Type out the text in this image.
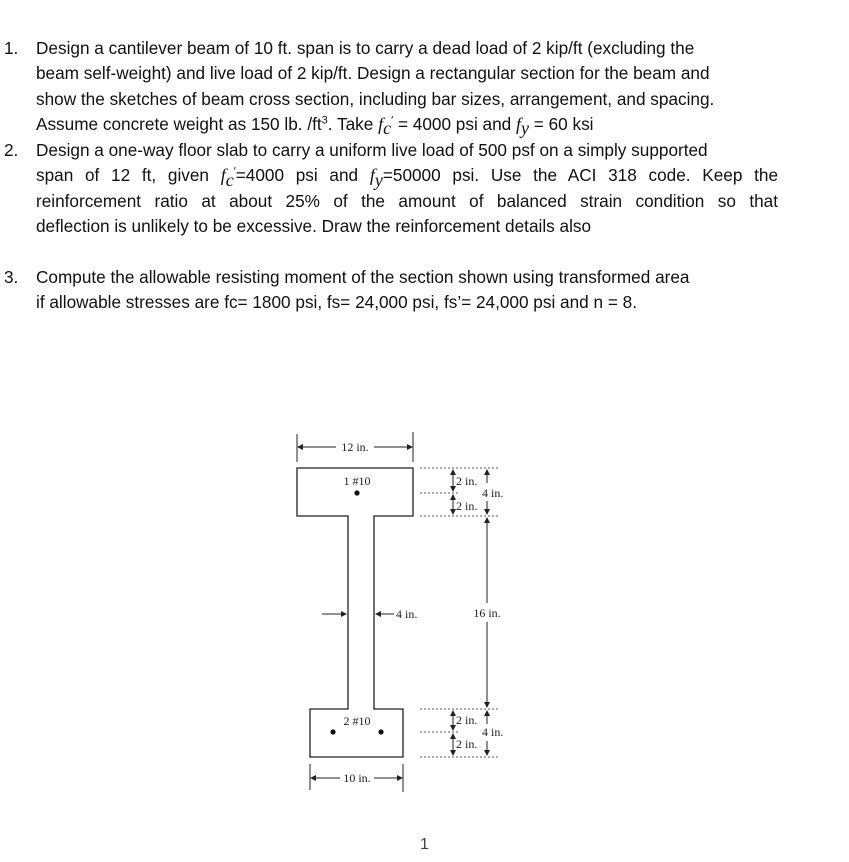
1.	Design a cantilever beam of 10 ft. span is to carry a dead load of 2 kip/ft (excluding the
beam self-weight) and live load of 2 kip/ft. Design a rectangular section for the beam and
show the sketches of beam cross section, including bar sizes, arrangement, and spacing.
Assume concrete weight as 150 lb. $/ft^3$. Take $f_c' = 4000$ psi and $f_y = 60$ ksi
2.	Design a one-way floor slab to carry a uniform live load of 500 psf on a simply supported
span of 12 ft, given $f_c'=4000$ psi and $f_y=50000$ psi. Use the ACI 318 code. Keep the
reinforcement ratio at about 25% of the amount of balanced strain condition so that
deflection is unlikely to be excessive. Draw the reinforcement details also
3.	Compute the allowable resisting moment of the section shown using transformed area
if allowable stresses are fc= 1800 psi, fs= 24,000 psi, fs’= 24,000 psi and n = 8.
12 in.
1 #10	2 in.
2 in.
4 in.
4 in.	16 in.
2 in.
2 in.
4 in.
2 #10
10 in.
1
